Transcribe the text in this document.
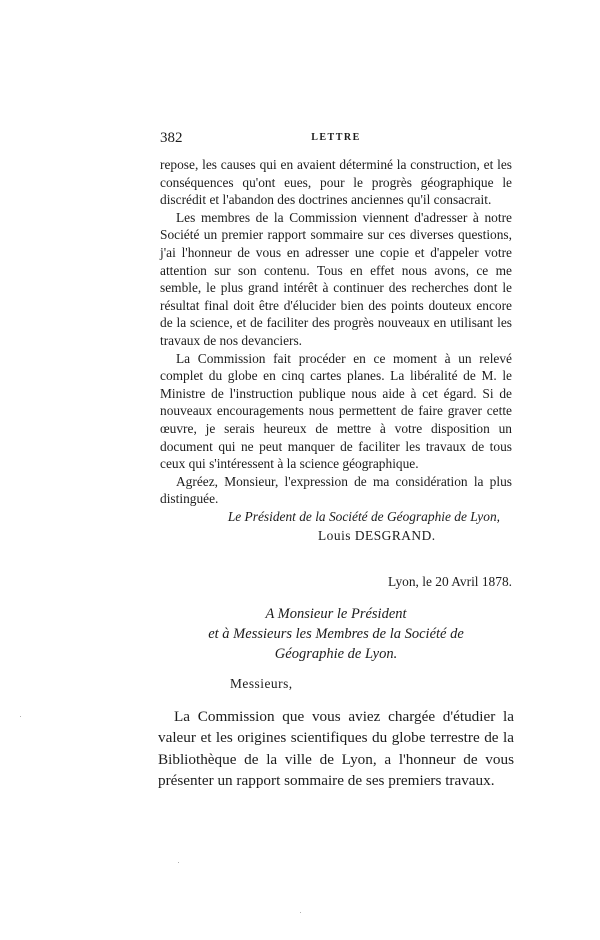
382	LETTRE

repose, les causes qui en avaient déterminé la construction, et les conséquences qu'ont eues, pour le progrès géographique le discrédit et l'abandon des doctrines anciennes qu'il consacrait.

Les membres de la Commission viennent d'adresser à notre Société un premier rapport sommaire sur ces diverses questions, j'ai l'honneur de vous en adresser une copie et d'appeler votre attention sur son contenu. Tous en effet nous avons, ce me semble, le plus grand intérêt à continuer des recherches dont le résultat final doit être d'élucider bien des points douteux encore de la science, et de faciliter des progrès nouveaux en utilisant les travaux de nos devanciers.

La Commission fait procéder en ce moment à un relevé complet du globe en cinq cartes planes. La libéralité de M. le Ministre de l'instruction publique nous aide à cet égard. Si de nouveaux encouragements nous permettent de faire graver cette œuvre, je serais heureux de mettre à votre disposition un document qui ne peut manquer de faciliter les travaux de tous ceux qui s'intéressent à la science géographique.

Agréez, Monsieur, l'expression de ma considération la plus distinguée.

Le Président de la Société de Géographie de Lyon,
Louis DESGRAND.
Lyon, le 20 Avril 1878.
A Monsieur le Président
et à Messieurs les Membres de la Société de
Géographie de Lyon.
Messieurs,

La Commission que vous aviez chargée d'étudier la valeur et les origines scientifiques du globe terrestre de la Bibliothèque de la ville de Lyon, a l'honneur de vous présenter un rapport sommaire de ses premiers travaux.
